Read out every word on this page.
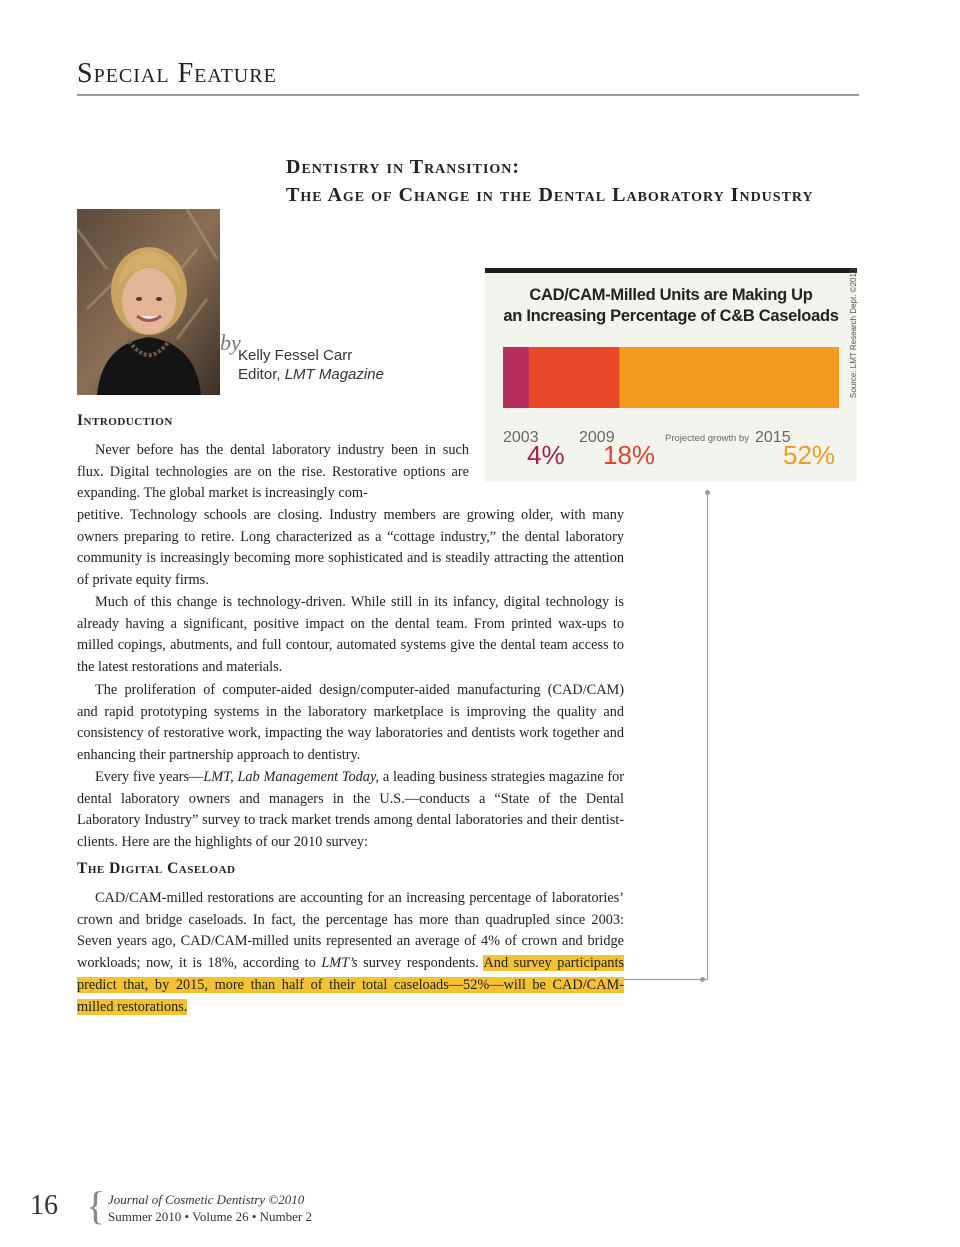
Special Feature
Dentistry in Transition:
The Age of Change in the Dental Laboratory Industry
by
Kelly Fessel Carr
Editor, LMT Magazine
CAD/CAM-Milled Units are Making Up
an Increasing Percentage of C&B Caseloads
2003
4%
2009
18%
2015
52%
Projected growth by
Source: LMT Research Dept. ©2010
Introduction

Never before has the dental laboratory industry been in such flux. Digital technologies are on the rise. Restorative options are expanding. The global market is increasingly com-

petitive. Technology schools are closing. Industry members are growing older, with many owners preparing to retire. Long characterized as a “cottage industry,” the dental laboratory community is increasingly becoming more sophisticated and is steadily attracting the attention of private equity firms.

Much of this change is technology-driven. While still in its infancy, digital technology is already having a significant, positive impact on the dental team. From printed wax-ups to milled copings, abutments, and full contour, automated systems give the dental team access to the latest restorations and materials.

The proliferation of computer-aided design/computer-aided manufacturing (CAD/CAM) and rapid prototyping systems in the laboratory marketplace is improving the quality and consistency of restorative work, impacting the way laboratories and dentists work together and enhancing their partnership approach to dentistry.

Every five years—LMT, Lab Management Today, a leading business strategies magazine for dental laboratory owners and managers in the U.S.—conducts a “State of the Dental Laboratory Industry” survey to track market trends among dental laboratories and their dentist-clients. Here are the highlights of our 2010 survey:

The Digital Caseload

CAD/CAM-milled restorations are accounting for an increasing percentage of laboratories’ crown and bridge caseloads. In fact, the percentage has more than quadrupled since 2003: Seven years ago, CAD/CAM-milled units represented an average of 4% of crown and bridge workloads; now, it is 18%, according to LMT’s survey respondents. And survey participants predict that, by 2015, more than half of their total caseloads—52%—will be CAD/CAM-milled restorations.

16 { Journal of Cosmetic Dentistry ©2010
Summer 2010 • Volume 26 • Number 2
